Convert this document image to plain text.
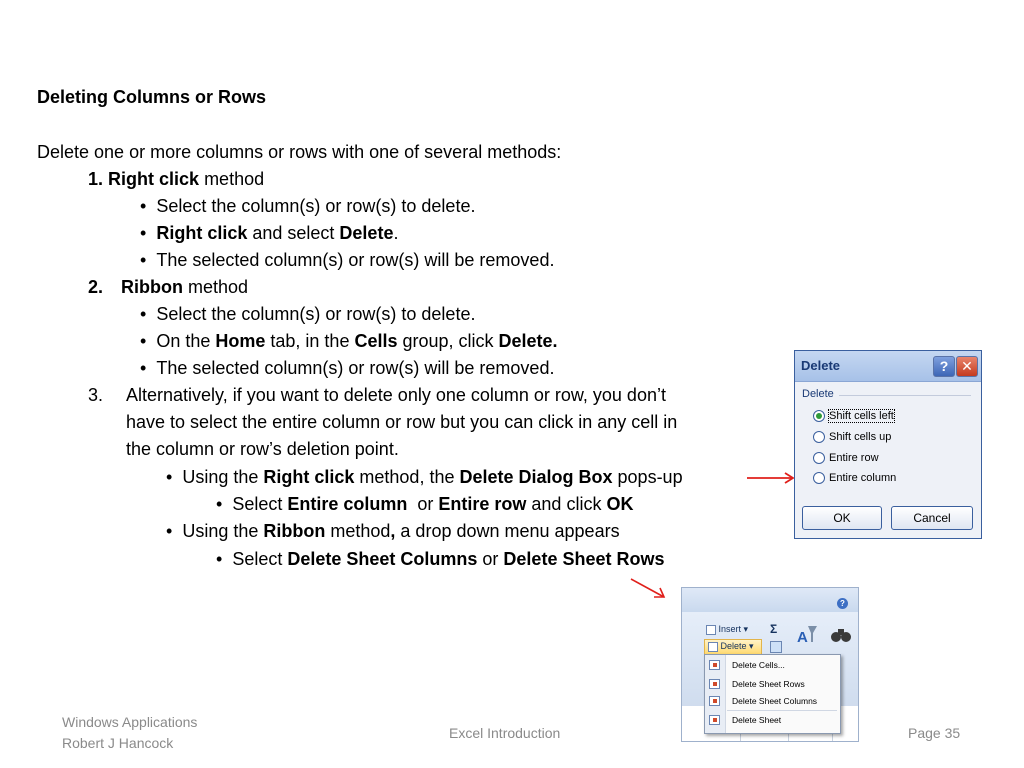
Deleting Columns or Rows
Delete one or more columns or rows with one of several methods:
1. Right click method
• Select the column(s) or row(s) to delete.
• Right click and select Delete.
• The selected column(s) or row(s) will be removed.
2. Ribbon method
• Select the column(s) or row(s) to delete.
• On the Home tab, in the Cells group, click Delete.
• The selected column(s) or row(s) will be removed.
3. Alternatively, if you want to delete only one column or row, you don’t
have to select the entire column or row but you can click in any cell in
the column or row’s deletion point.
• Using the Right click method, the Delete Dialog Box pops-up
• Select Entire column  or Entire row and click OK
• Using the Ribbon method, a drop down menu appears
• Select Delete Sheet Columns or Delete Sheet Rows
Delete	? ✕
Delete
Shift cells left
Shift cells up
Entire row
Entire column
OK	Cancel
?
Insert ▾
Delete ▾
Σ A
Delete Cells...
Delete Sheet Rows
Delete Sheet Columns
Delete Sheet
Windows Applications
Robert J Hancock
Excel Introduction	Page 35
